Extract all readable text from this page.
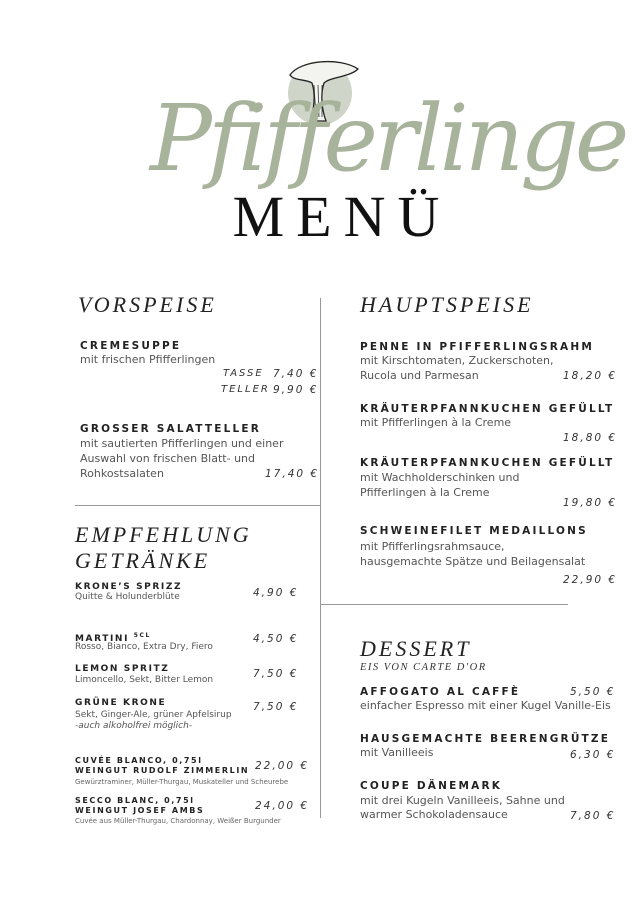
Pfifferlinge
MENÜ
VORSPEISE
CREMESUPPE
mit frischen Pfifferlingen
TASSE 7,40 €
TELLER 9,90 €
GROSSER SALATTELLER
mit sautierten Pfifferlingen und einer
Auswahl von frischen Blatt- und
Rohkostsalaten	17,40 €
EMPFEHLUNG
GETRÄNKE
KRONE’S SPRIZZ
Quitte & Holunderblüte	4,90 €
MARTINI $^{5CL}$
Rosso, Bianco, Extra Dry, Fiero
4,50 €
LEMON SPRITZ
Limoncello, Sekt, Bitter Lemon	7,50 €
GRÜNE KRONE
Sekt, Ginger-Ale, grüner Apfelsirup
-auch alkoholfrei möglich-
7,50 €
CUVÉE BLANCO, 0,75l
WEINGUT RUDOLF ZIMMERLIN
Gewürztraminer, Müller-Thurgau, Muskateller und Scheurebe
22,00 €
SECCO BLANC, 0,75l
WEINGUT JOSEF AMBS
Cuvée aus Müller-Thurgau, Chardonnay, Weißer Burgunder
24,00 €
HAUPTSPEISE
PENNE IN PFIFFERLINGSRAHM
mit Kirschtomaten, Zuckerschoten,
Rucola und Parmesan	18,20 €
KRÄUTERPFANNKUCHEN GEFÜLLT
mit Pfifferlingen à la Creme
18,80 €
KRÄUTERPFANNKUCHEN GEFÜLLT
mit Wachholderschinken und
Pfifferlingen à la Creme
19,80 €
SCHWEINEFILET MEDAILLONS
mit Pfifferlingsrahmsauce,
hausgemachte Spätze und Beilagensalat
22,90 €
DESSERT
EIS VON CARTE D'OR
AFFOGATO AL CAFFÈ
einfacher Espresso mit einer Kugel Vanille-Eis
5,50 €
HAUSGEMACHTE BEERENGRÜTZE
mit Vanilleeis	6,30 €
COUPE DÄNEMARK
mit drei Kugeln Vanilleeis, Sahne und
warmer Schokoladensauce	7,80 €
